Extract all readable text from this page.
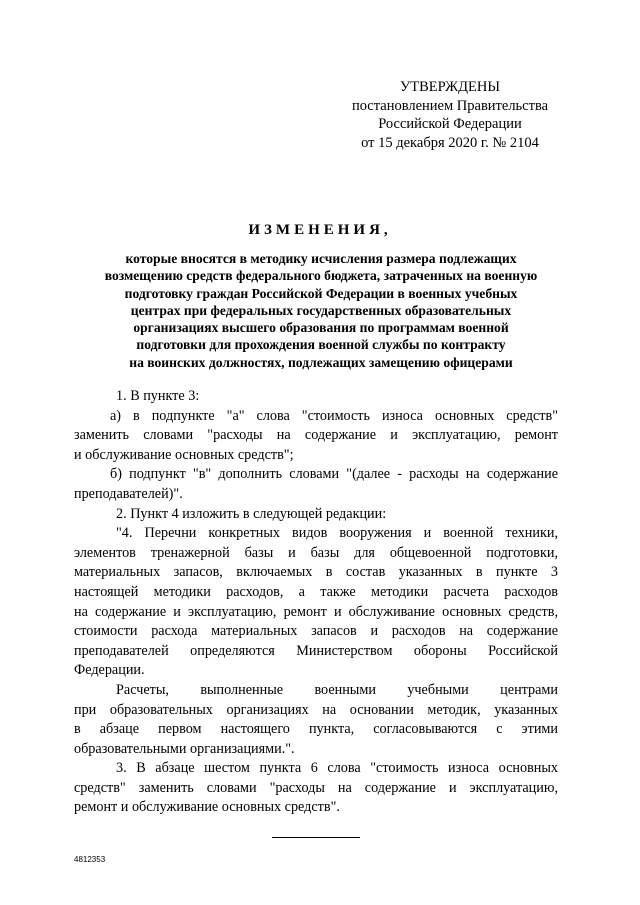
УТВЕРЖДЕНЫ
постановлением Правительства
Российской Федерации
от 15 декабря 2020 г. № 2104
ИЗМЕНЕНИЯ,
которые вносятся в методику исчисления размера подлежащих
возмещению средств федерального бюджета, затраченных на военную
подготовку граждан Российской Федерации в военных учебных
центрах при федеральных государственных образовательных
организациях высшего образования по программам военной
подготовки для прохождения военной службы по контракту
на воинских должностях, подлежащих замещению офицерами
1. В пункте 3:
а) в подпункте "а" слова "стоимость износа основных средств"
заменить словами "расходы на содержание и эксплуатацию, ремонт
и обслуживание основных средств";
б) подпункт "в" дополнить словами "(далее - расходы на содержание
преподавателей)".
2. Пункт 4 изложить в следующей редакции:
"4. Перечни конкретных видов вооружения и военной техники,
элементов тренажерной базы и базы для общевоенной подготовки,
материальных запасов, включаемых в состав указанных в пункте 3
настоящей методики расходов, а также методики расчета расходов
на содержание и эксплуатацию, ремонт и обслуживание основных средств,
стоимости расхода материальных запасов и расходов на содержание
преподавателей определяются Министерством обороны Российской
Федерации.
Расчеты, выполненные военными учебными центрами
при образовательных организациях на основании методик, указанных
в абзаце первом настоящего пункта, согласовываются с этими
образовательными организациями.".
3. В абзаце шестом пункта 6 слова "стоимость износа основных
средств" заменить словами "расходы на содержание и эксплуатацию,
ремонт и обслуживание основных средств".
4812353
